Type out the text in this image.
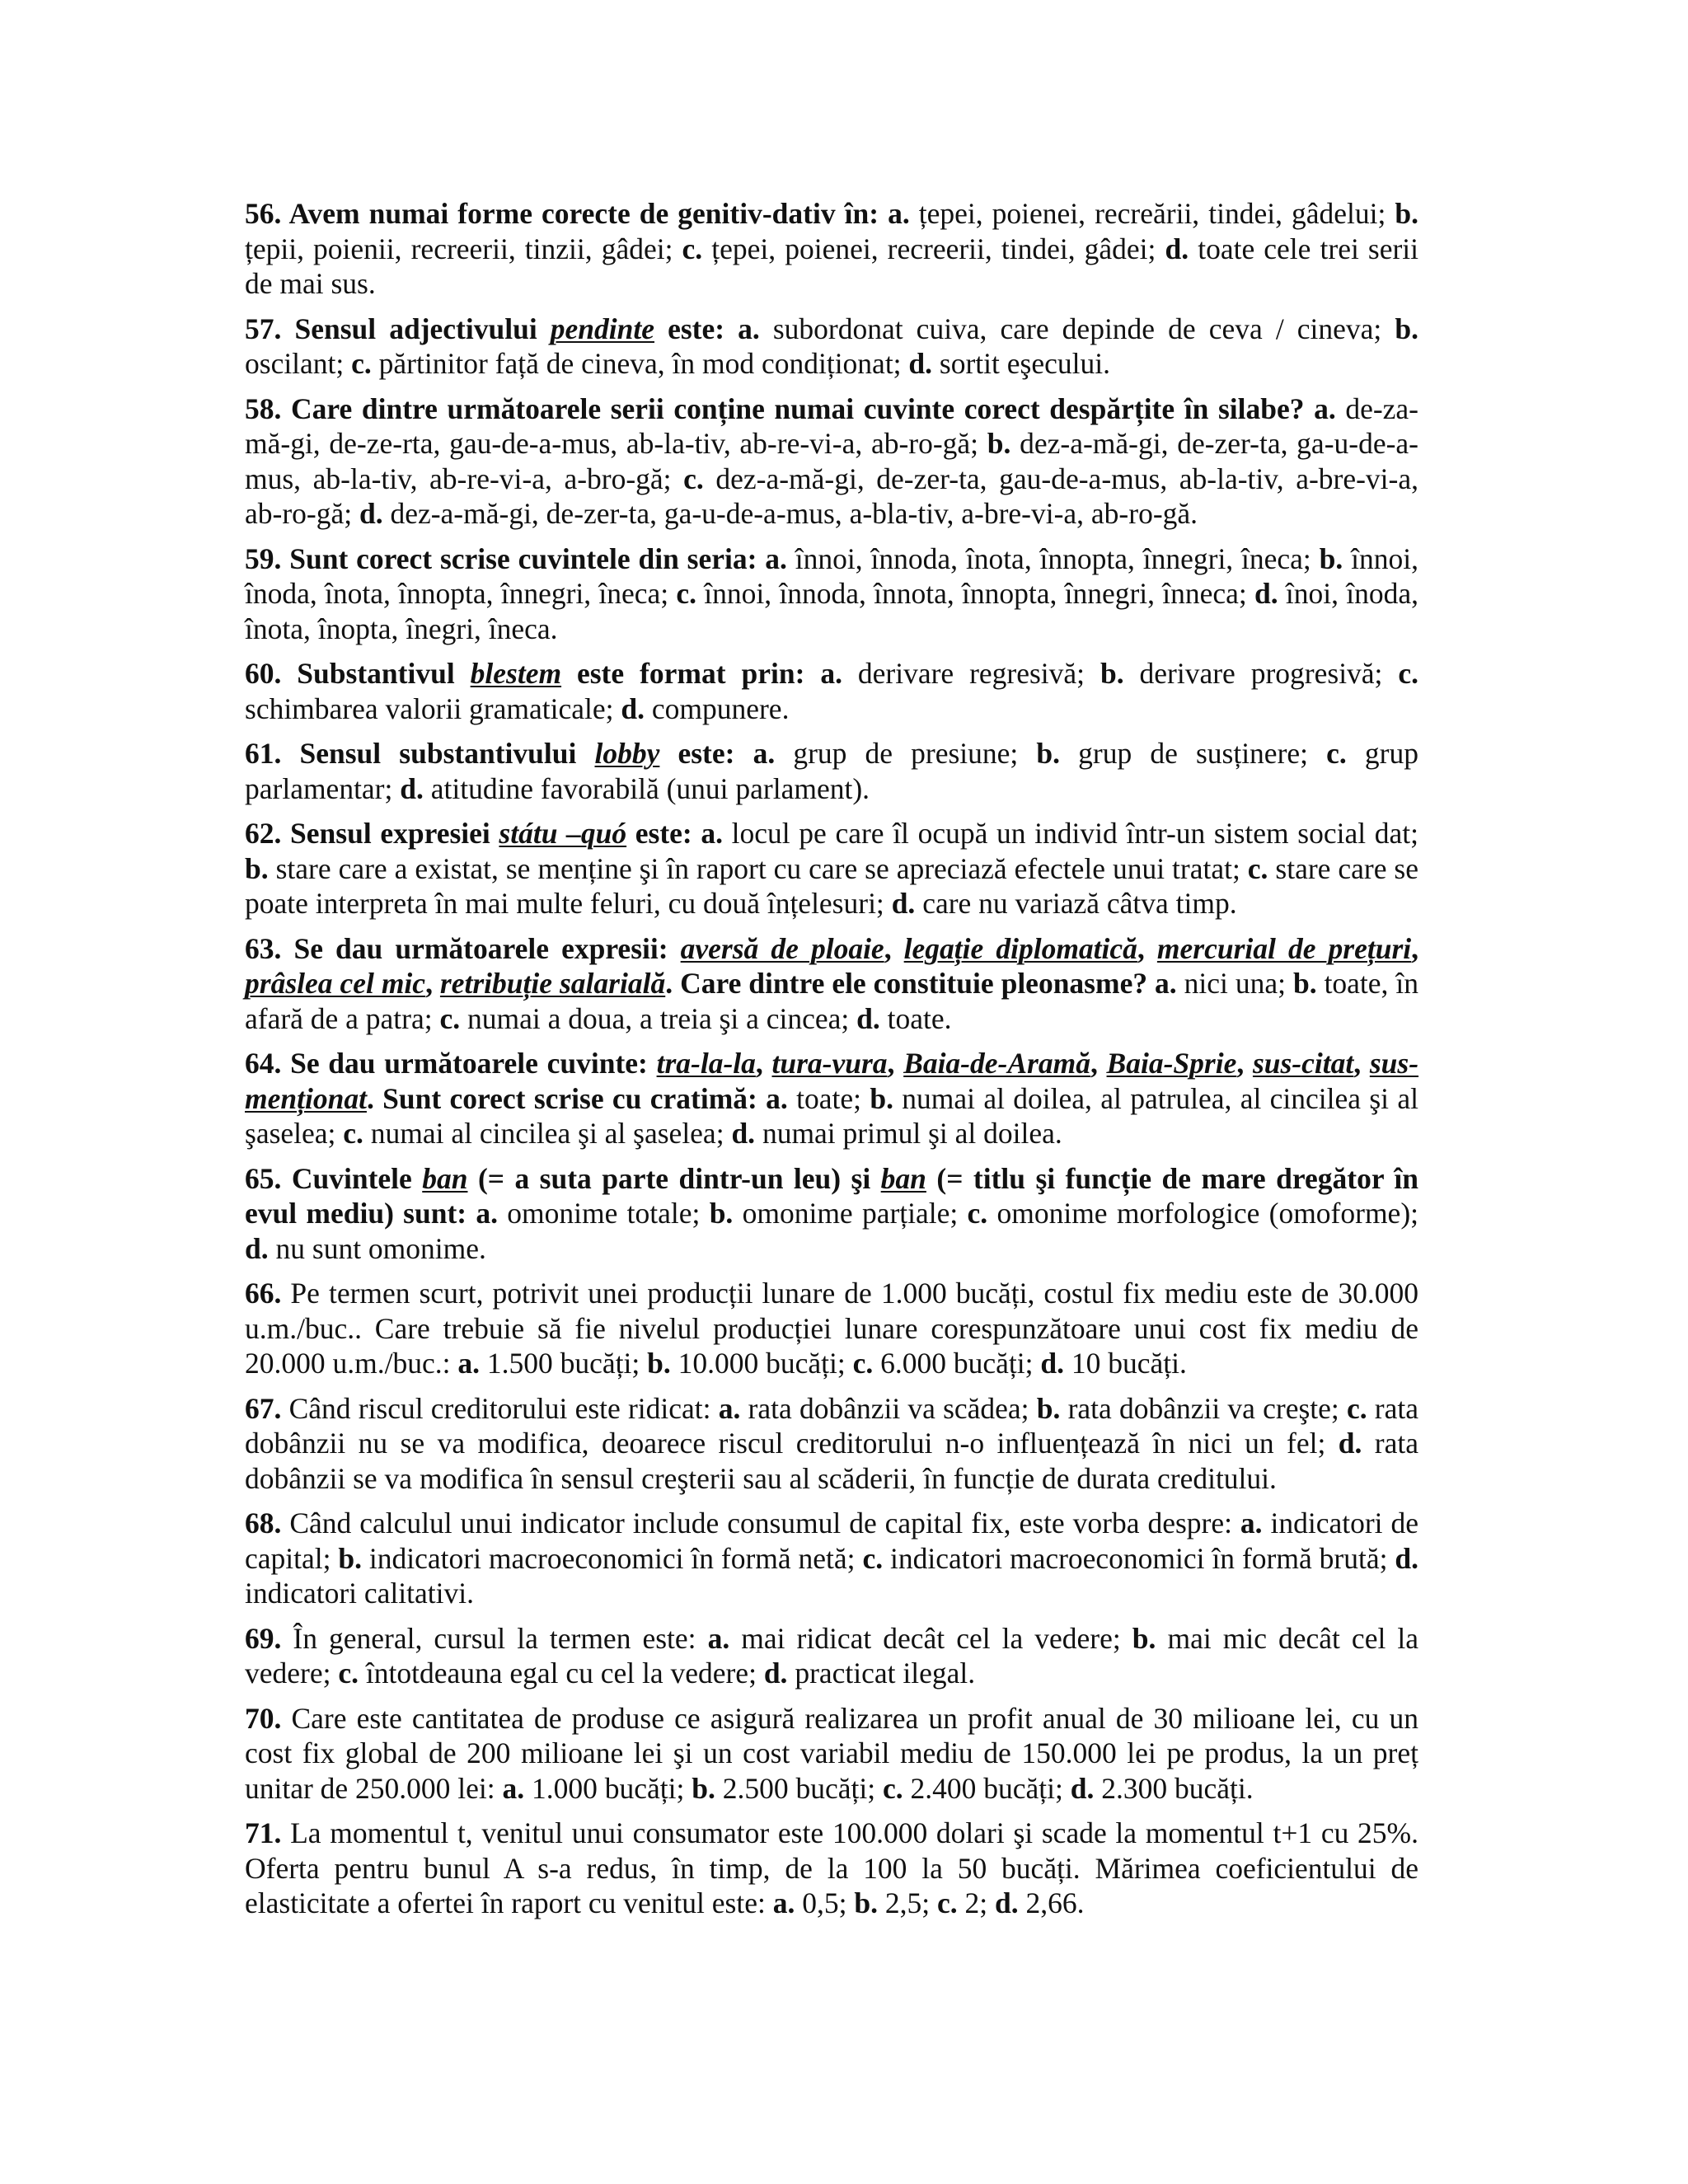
56. Avem numai forme corecte de genitiv-dativ în: a. țepei, poienei, recreării, tindei, gâdelui; b. țepii, poienii, recreerii, tinzii, gâdei; c. țepei, poienei, recreerii, tindei, gâdei; d. toate cele trei serii de mai sus.

57. Sensul adjectivului pendinte este: a. subordonat cuiva, care depinde de ceva / cineva; b. oscilant; c. părtinitor față de cineva, în mod condiționat; d. sortit eşecului.

58. Care dintre următoarele serii conține numai cuvinte corect despărțite în silabe? a. de-za-mă-gi, de-ze-rta, gau-de-a-mus, ab-la-tiv, ab-re-vi-a, ab-ro-gă; b. dez-a-mă-gi, de-zer-ta, ga-u-de-a-mus, ab-la-tiv, ab-re-vi-a, a-bro-gă; c. dez-a-mă-gi, de-zer-ta, gau-de-a-mus, ab-la-tiv, a-bre-vi-a, ab-ro-gă; d. dez-a-mă-gi, de-zer-ta, ga-u-de-a-mus, a-bla-tiv, a-bre-vi-a, ab-ro-gă.

59. Sunt corect scrise cuvintele din seria: a. înnoi, înnoda, înota, înnopta, înnegri, îneca; b. înnoi, înoda, înota, înnopta, înnegri, îneca; c. înnoi, înnoda, înnota, înnopta, înnegri, înneca; d. înoi, înoda, înota, înopta, înegri, îneca.

60. Substantivul blestem este format prin: a. derivare regresivă; b. derivare progresivă; c. schimbarea valorii gramaticale; d. compunere.

61. Sensul substantivului lobby este: a. grup de presiune; b. grup de susținere; c. grup parlamentar; d. atitudine favorabilă (unui parlament).

62. Sensul expresiei státu –quó este: a. locul pe care îl ocupă un individ într-un sistem social dat; b. stare care a existat, se menține şi în raport cu care se apreciază efectele unui tratat; c. stare care se poate interpreta în mai multe feluri, cu două înțelesuri; d. care nu variază câtva timp.

63. Se dau următoarele expresii: aversă de ploaie, legație diplomatică, mercurial de prețuri, prâslea cel mic, retribuție salarială. Care dintre ele constituie pleonasme? a. nici una; b. toate, în afară de a patra; c. numai a doua, a treia şi a cincea; d. toate.

64. Se dau următoarele cuvinte: tra-la-la, tura-vura, Baia-de-Aramă, Baia-Sprie, sus-citat, sus-menționat. Sunt corect scrise cu cratimă: a. toate; b. numai al doilea, al patrulea, al cincilea şi al şaselea; c. numai al cincilea şi al şaselea; d. numai primul şi al doilea.

65. Cuvintele ban (= a suta parte dintr-un leu) şi ban (= titlu şi funcție de mare dregător în evul mediu) sunt: a. omonime totale; b. omonime parțiale; c. omonime morfologice (omoforme); d. nu sunt omonime.

66. Pe termen scurt, potrivit unei producții lunare de 1.000 bucăți, costul fix mediu este de 30.000 u.m./buc.. Care trebuie să fie nivelul producției lunare corespunzătoare unui cost fix mediu de 20.000 u.m./buc.: a. 1.500 bucăți; b. 10.000 bucăți; c. 6.000 bucăți; d. 10 bucăți.

67. Când riscul creditorului este ridicat: a. rata dobânzii va scădea; b. rata dobânzii va creşte; c. rata dobânzii nu se va modifica, deoarece riscul creditorului n-o influențează în nici un fel; d. rata dobânzii se va modifica în sensul creşterii sau al scăderii, în funcție de durata creditului.

68. Când calculul unui indicator include consumul de capital fix, este vorba despre: a. indicatori de capital; b. indicatori macroeconomici în formă netă; c. indicatori macroeconomici în formă brută; d. indicatori calitativi.

69. În general, cursul la termen este: a. mai ridicat decât cel la vedere; b. mai mic decât cel la vedere; c. întotdeauna egal cu cel la vedere; d. practicat ilegal.

70. Care este cantitatea de produse ce asigură realizarea un profit anual de 30 milioane lei, cu un cost fix global de 200 milioane lei şi un cost variabil mediu de 150.000 lei pe produs, la un preț unitar de 250.000 lei: a. 1.000 bucăți; b. 2.500 bucăți; c. 2.400 bucăți; d. 2.300 bucăți.

71. La momentul t, venitul unui consumator este 100.000 dolari şi scade la momentul t+1 cu 25%. Oferta pentru bunul A s-a redus, în timp, de la 100 la 50 bucăți. Mărimea coeficientului de elasticitate a ofertei în raport cu venitul este: a. 0,5; b. 2,5; c. 2; d. 2,66.
